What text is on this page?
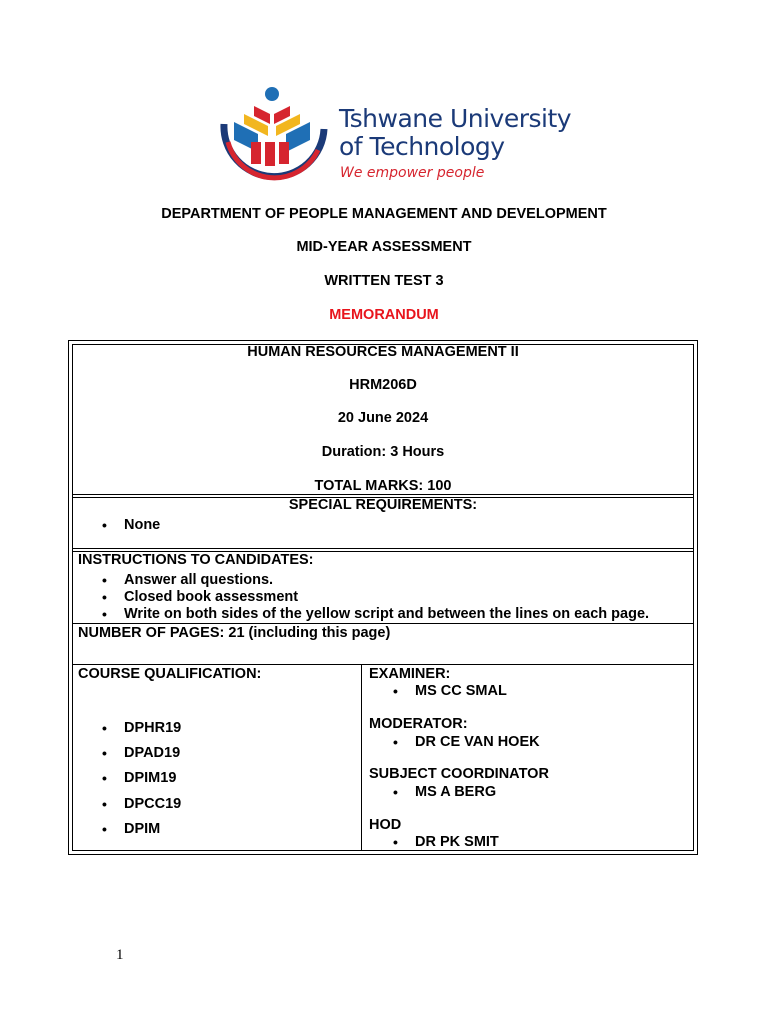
Tshwane University
of Technology
We empower people
DEPARTMENT OF PEOPLE MANAGEMENT AND DEVELOPMENT
MID-YEAR ASSESSMENT
WRITTEN TEST 3
MEMORANDUM
HUMAN RESOURCES MANAGEMENT II
HRM206D
20 June 2024
Duration: 3 Hours
TOTAL MARKS: 100
SPECIAL REQUIREMENTS:
• None
INSTRUCTIONS TO CANDIDATES:
• Answer all questions.
• Closed book assessment
• Write on both sides of the yellow script and between the lines on each page.
NUMBER OF PAGES: 21 (including this page)
COURSE QUALIFICATION:
• DPHR19
• DPAD19
• DPIM19
• DPCC19
• DPIM
EXAMINER:
• MS CC SMAL
MODERATOR:
• DR CE VAN HOEK
SUBJECT COORDINATOR
• MS A BERG
HOD
• DR PK SMIT
1
